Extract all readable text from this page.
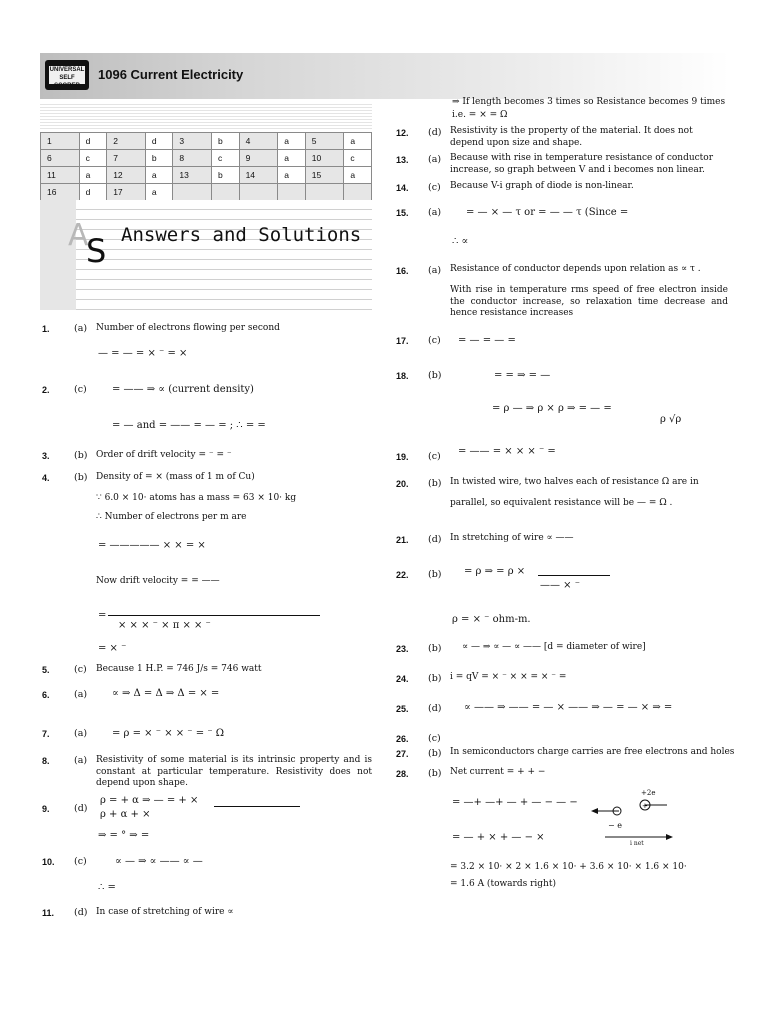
UNIVERSAL SELF SCORER
1096 Current Electricity
1	d	2	d	3	b	4	a	5	a
6	c	7	b	8	c	9	a	10	c
11	a	12	a	13	b	14	a	15	a
16	d	17	a						
A
S Answers and Solutions
1.	(a) Number of electrons flowing per second
— = — = × ⁻ = ×
2.	(c)	= —— ⇒ ∝ (current density)
= — and = —— = — = ; ∴ = =
3.	(b) Order of drift velocity = ⁻ = ⁻
4.	(b) Density of = × (mass of 1 m of Cu)
∵ 6.0 × 10· atoms has a mass = 63 × 10· kg
∴ Number of electrons per m are
= ————— × × = ×
Now drift velocity = = ——
=
× × × ⁻ × π × × ⁻
= × ⁻
5.	(c) Because 1 H.P. = 746 J/s = 746 watt
6.	(a) ∝ ⇒ Δ = Δ ⇒ Δ = × =
7.	(a) = ρ = × ⁻ × × ⁻ = ⁻ Ω
8.	(a) Resistivity of some material is its intrinsic property and is constant at particular temperature. Resistivity does not depend upon shape.
9.	(d)
ρ = + α ⇒ — = + ×
ρ + α + ×
⇒ = ° ⇒ =
10. (c)	∝ — ⇒ ∝ —— ∝ —
∴ =
11. (d) In case of stretching of wire ∝
⇒ If length becomes 3 times so Resistance becomes 9 times
i.e. = × = Ω
12. (d) Resistivity is the property of the material. It does not depend upon size and shape.
13. (a) Because with rise in temperature resistance of conductor increase, so graph between V and i becomes non linear.
14. (c) Because V-i graph of diode is non-linear.
15. (a) = — × — τ or = — — τ (Since =
∴ ∝
16. (a) Resistance of conductor depends upon relation as ∝ τ .
With rise in temperature rms speed of free electron inside the conductor increase, so relaxation time decrease and hence resistance increases
17. (c) = — = — =
18. (b)	= = ⇒ = —
= ρ — ⇒ ρ × ρ ⇒ = — =
ρ √ρ
19. (c) = —— = × × × ⁻ =
20. (b) In twisted wire, two halves each of resistance Ω are in
parallel, so equivalent resistance will be — = Ω .
21. (d) In stretching of wire ∝ ——
22. (b) = ρ ⇒ = ρ ×
—— × ⁻
ρ = × ⁻ ohm-m.
23. (b) ∝ — ⇒ ∝ — ∝ —— [d = diameter of wire]
24. (b) i = qV = × ⁻ × × = × ⁻ =
25. (d) ∝ —— ⇒ —— = — × —— ⇒ — = — × ⇒ =
26. (c)
27. (b) In semiconductors charge carries are free electrons and holes
28. (b) Net current = + + −
= —+ —+ — + — − — −
= — + × + — − ×
= 3.2 × 10· × 2 × 1.6 × 10· + 3.6 × 10· × 1.6 × 10·
= 1.6 A (towards right)
+
+2e
− e
i net
